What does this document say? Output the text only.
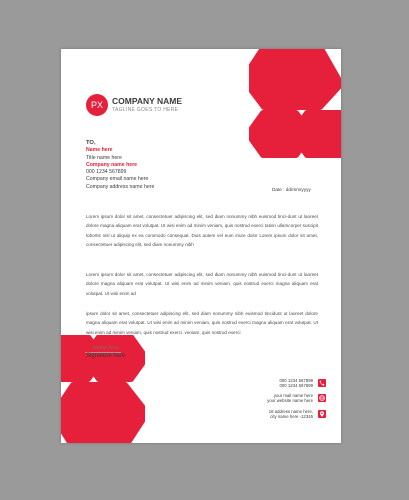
PX	COMPANY NAME
TAGLINE GOES TO HERE
TO,
Name here
Title name here
Company name here
000 1234 567899
Company email name here
Company address name here	Date : dd/mm/yyyy
Lorem ipsum dolor sit amet, consectetuer adipiscing elit, sed diam nonummy nibh euismod tinci-dunt ut laoreet dolore magna aliquam erat volutpat. Ut wisi enim ad minim veniam, quis nostrud exerci tation ullamcorper suscipit lobortis nisl ut aliquip ex ea commodo consequat. Duis autem vel eum iriure dolor Lorem ipsum dolor sit amet, consectetuer adipiscing elit, sed diam nonummy nibh
Lorem ipsum dolor sit amet, consectetuer adipiscing elit, sed diam nonummy nibh euismod tinci-dunt ut laoreet dolore magna aliquam erat volutpat. Ut wisi enim ad minim veniam, quis nostrud exerci magna aliquam erat volutpat. Ut wisi enim ad
ipsum dolor sit amet, consectetuer adipiscing elit, sed diam nonummy nibh euismod tincidunt ut laoreet dolore magna aliquam erat volutpat. Ut wisi enim ad minim veniam, quis nostrud exerci magna aliquam erat volutpat. Ut wisi enim ad minim veniam, quis nostrud exerci .veniam, quis nostrud exerci
Name here
Signature here
000 1234 567899
000 1234 567899
your mail name here
your website name here
18 address name here,
city name here -12345
